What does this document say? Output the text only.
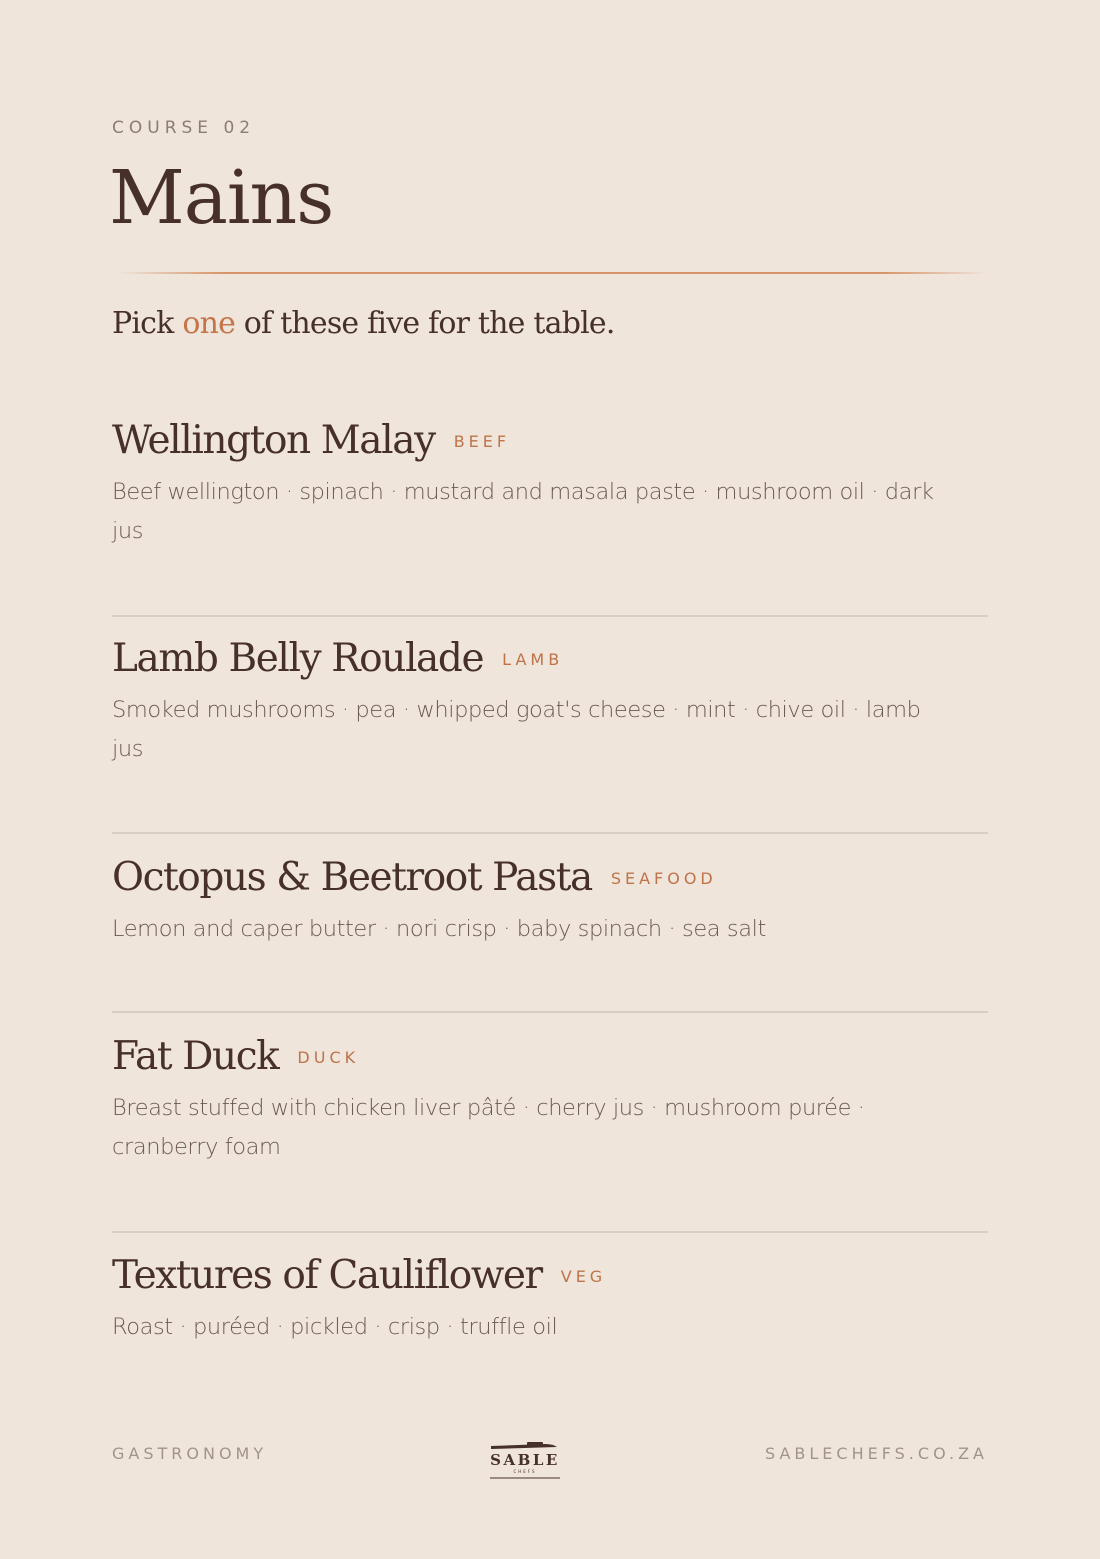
COURSE 02
Mains
Pick one of these five for the table.
Wellington Malay BEEF
Beef wellington · spinach · mustard and masala paste · mushroom oil · dark jus
Lamb Belly Roulade LAMB
Smoked mushrooms · pea · whipped goat's cheese · mint · chive oil · lamb jus
Octopus & Beetroot Pasta SEAFOOD
Lemon and caper butter · nori crisp · baby spinach · sea salt
Fat Duck DUCK
Breast stuffed with chicken liver pâté · cherry jus · mushroom purée · cranberry foam
Textures of Cauliflower VEG
Roast · puréed · pickled · crisp · truffle oil
GASTRONOMY	SABLE
CHEFS
SABLECHEFS.CO.ZA
